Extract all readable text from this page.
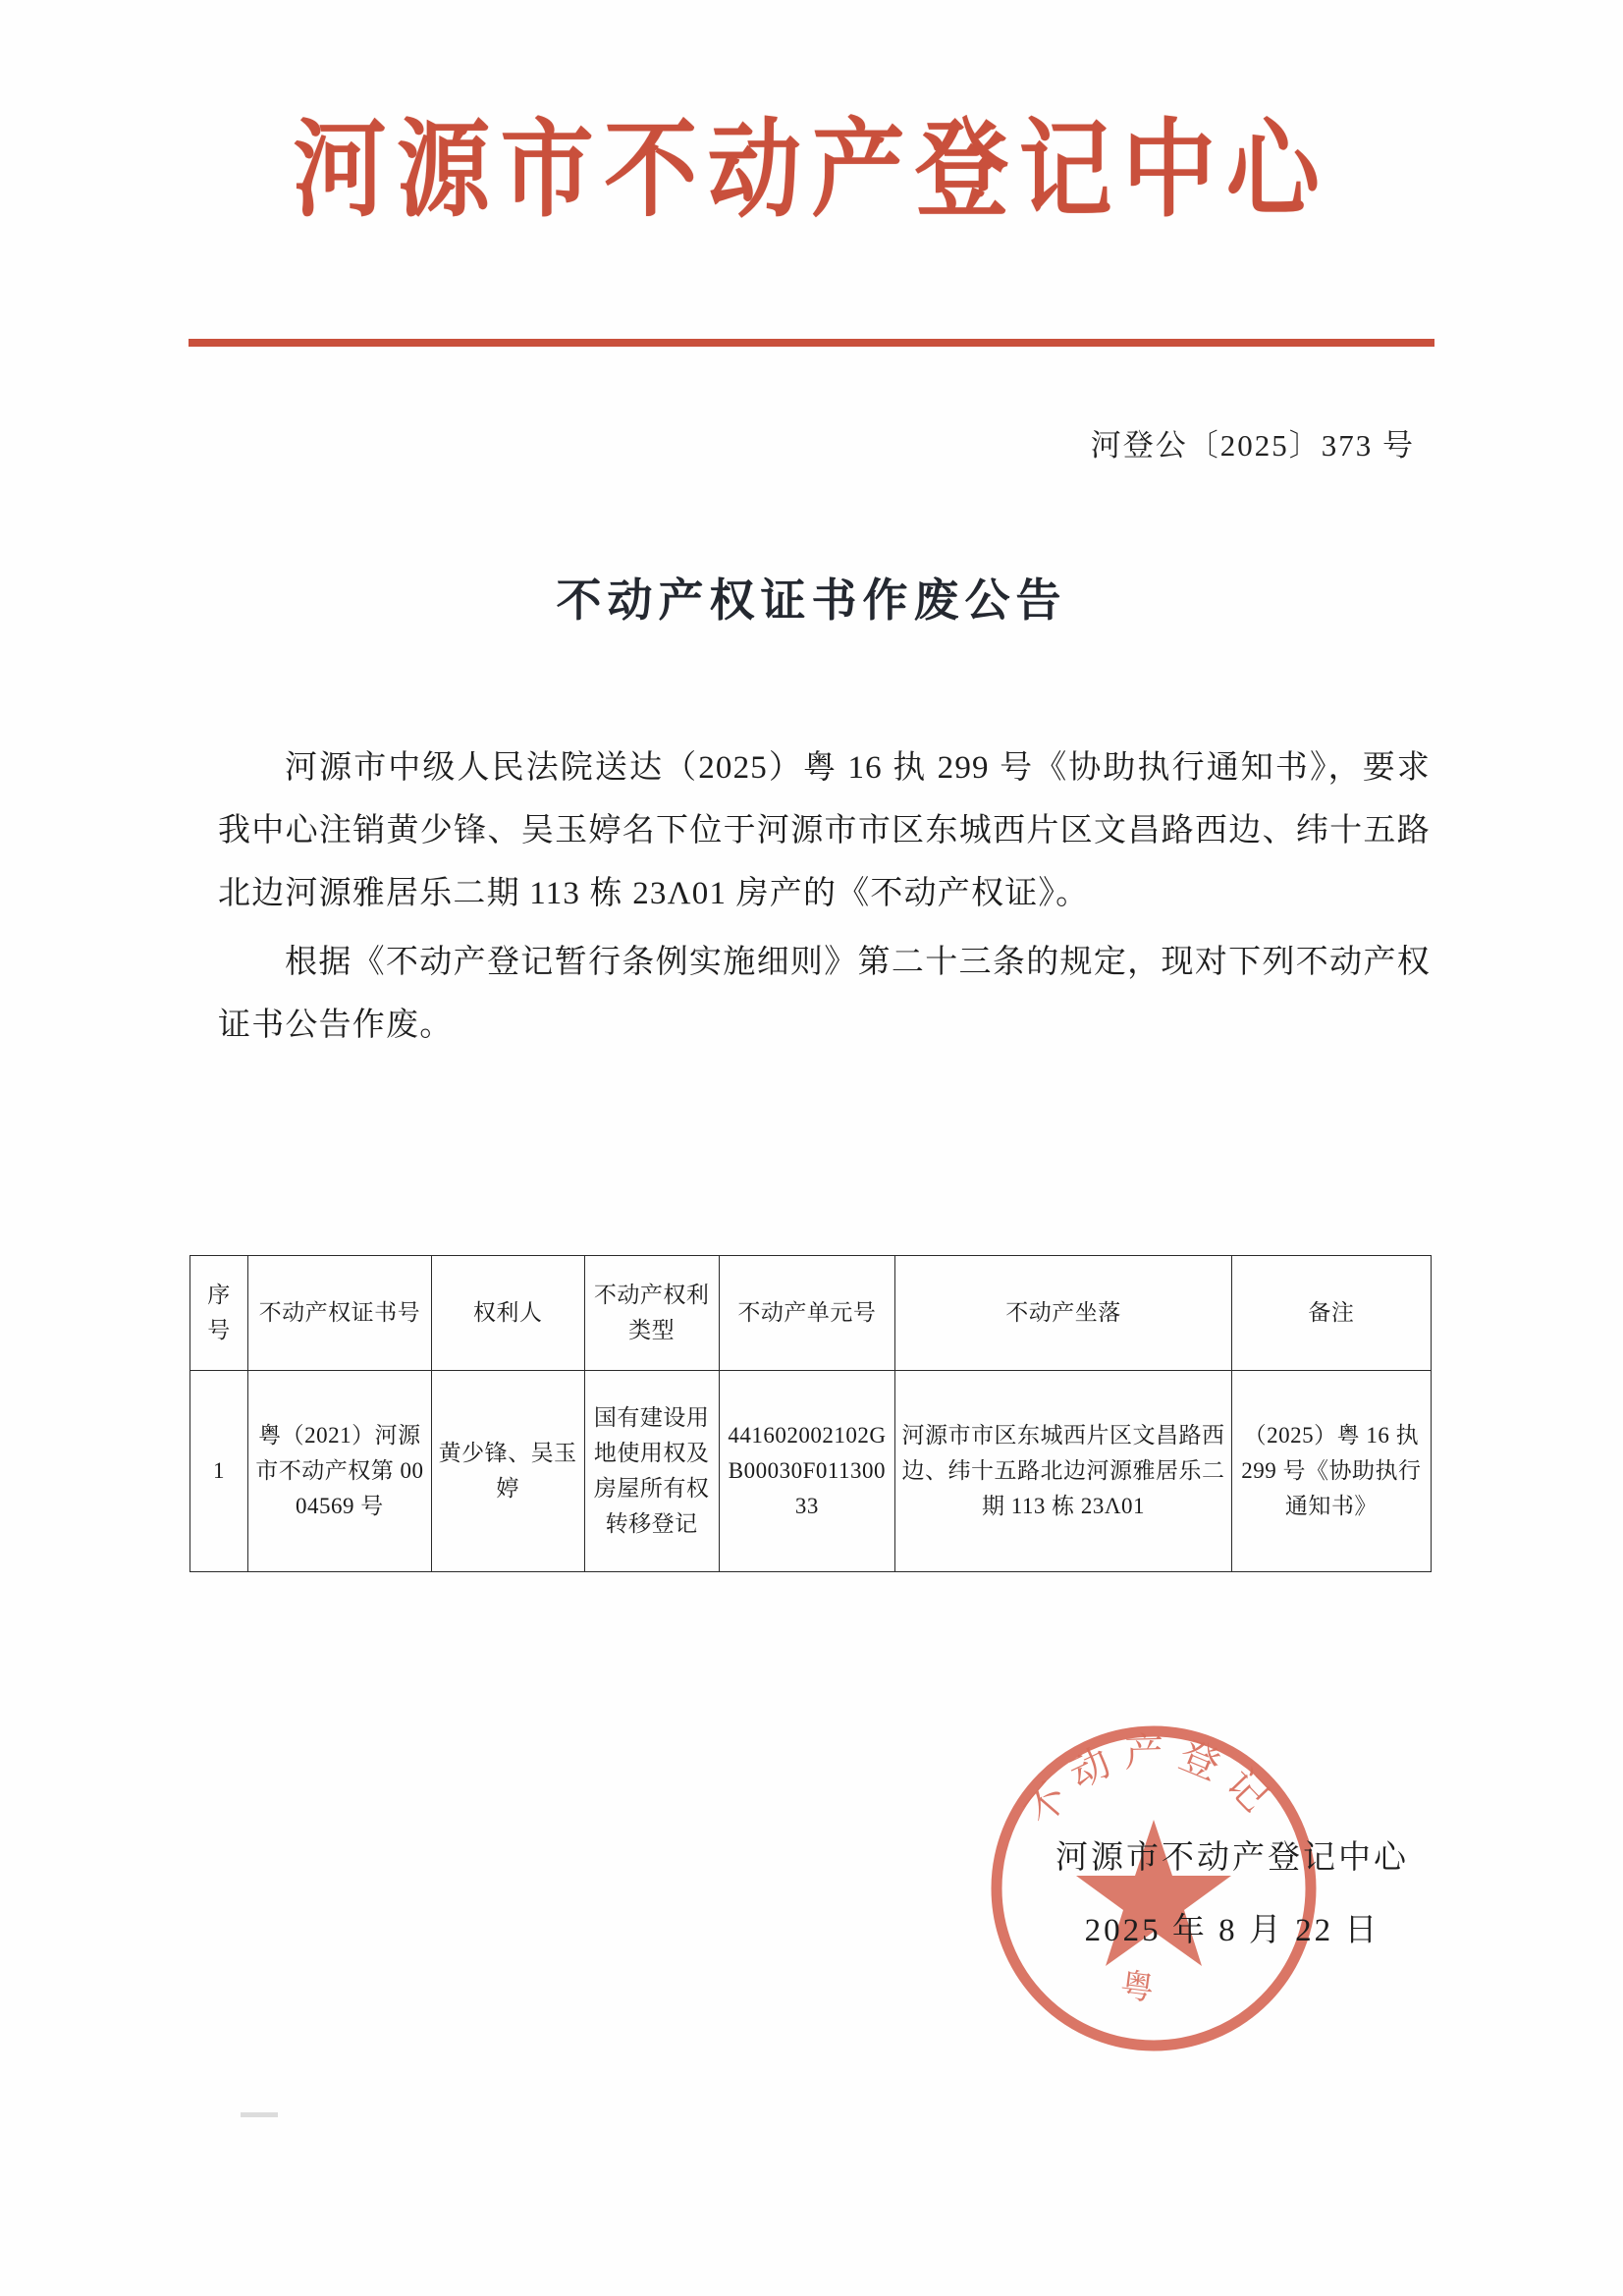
河源市不动产登记中心
河登公〔2025〕373 号
不动产权证书作废公告

河源市中级人民法院送达（2025）粤 16 执 299 号《协助执行通知书》，要求我中心注销黄少锋、吴玉婷名下位于河源市市区东城西片区文昌路西边、纬十五路北边河源雅居乐二期 113 栋 23Λ01 房产的《不动产权证》。

根据《不动产登记暂行条例实施细则》第二十三条的规定，现对下列不动产权证书公告作废。

序号	不动产权证书号	权利人	不动产权利类型	不动产单元号	不动产坐落	备注
1	粤（2021）河源市不动产权第 0004569 号	黄少锋、吴玉婷	国有建设用地使用权及房屋所有权转移登记	441602002102GB00030F01130033	河源市市区东城西片区文昌路西边、纬十五路北边河源雅居乐二期 113 栋 23Λ01	（2025）粤 16 执 299 号《协助执行通知书》
不动产登记
粤
河源市不动产登记中心
2025 年 8 月 22 日
